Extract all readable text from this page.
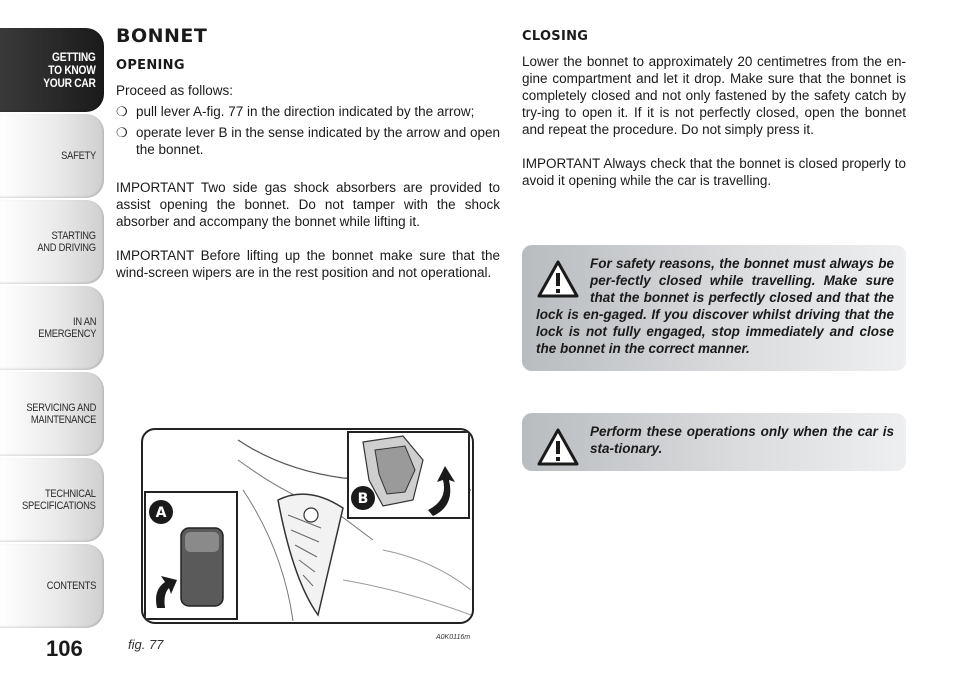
GETTING
TO KNOW
YOUR CAR
SAFETY
STARTING
AND DRIVING
IN AN
EMERGENCY
SERVICING AND
MAINTENANCE
TECHNICAL
SPECIFICATIONS
CONTENTS
106
BONNET
OPENING

Proceed as follows:

❍ pull lever A-fig. 77 in the direction indicated by the arrow;
❍ operate lever B in the sense indicated by the arrow and open the bonnet.

IMPORTANT Two side gas shock absorbers are provided to assist opening the bonnet. Do not tamper with the shock absorber and accompany the bonnet while lifting it.

IMPORTANT Before lifting up the bonnet make sure that the wind-screen wipers are in the rest position and not operational.

CLOSING

Lower the bonnet to approximately 20 centimetres from the en-gine compartment and let it drop. Make sure that the bonnet is completely closed and not only fastened by the safety catch by try-ing to open it. If it is not perfectly closed, open the bonnet and repeat the procedure. Do not simply press it.

IMPORTANT Always check that the bonnet is closed properly to avoid it opening while the car is travelling.

For safety reasons, the bonnet must always be per-fectly closed while travelling. Make sure that the bonnet is perfectly closed and that the lock is en-gaged. If you discover whilst driving that the lock is not fully engaged, stop immediately and close the bonnet in the correct manner.
Perform these operations only when the car is sta-tionary.
A
B
fig. 77	A0K0116m
